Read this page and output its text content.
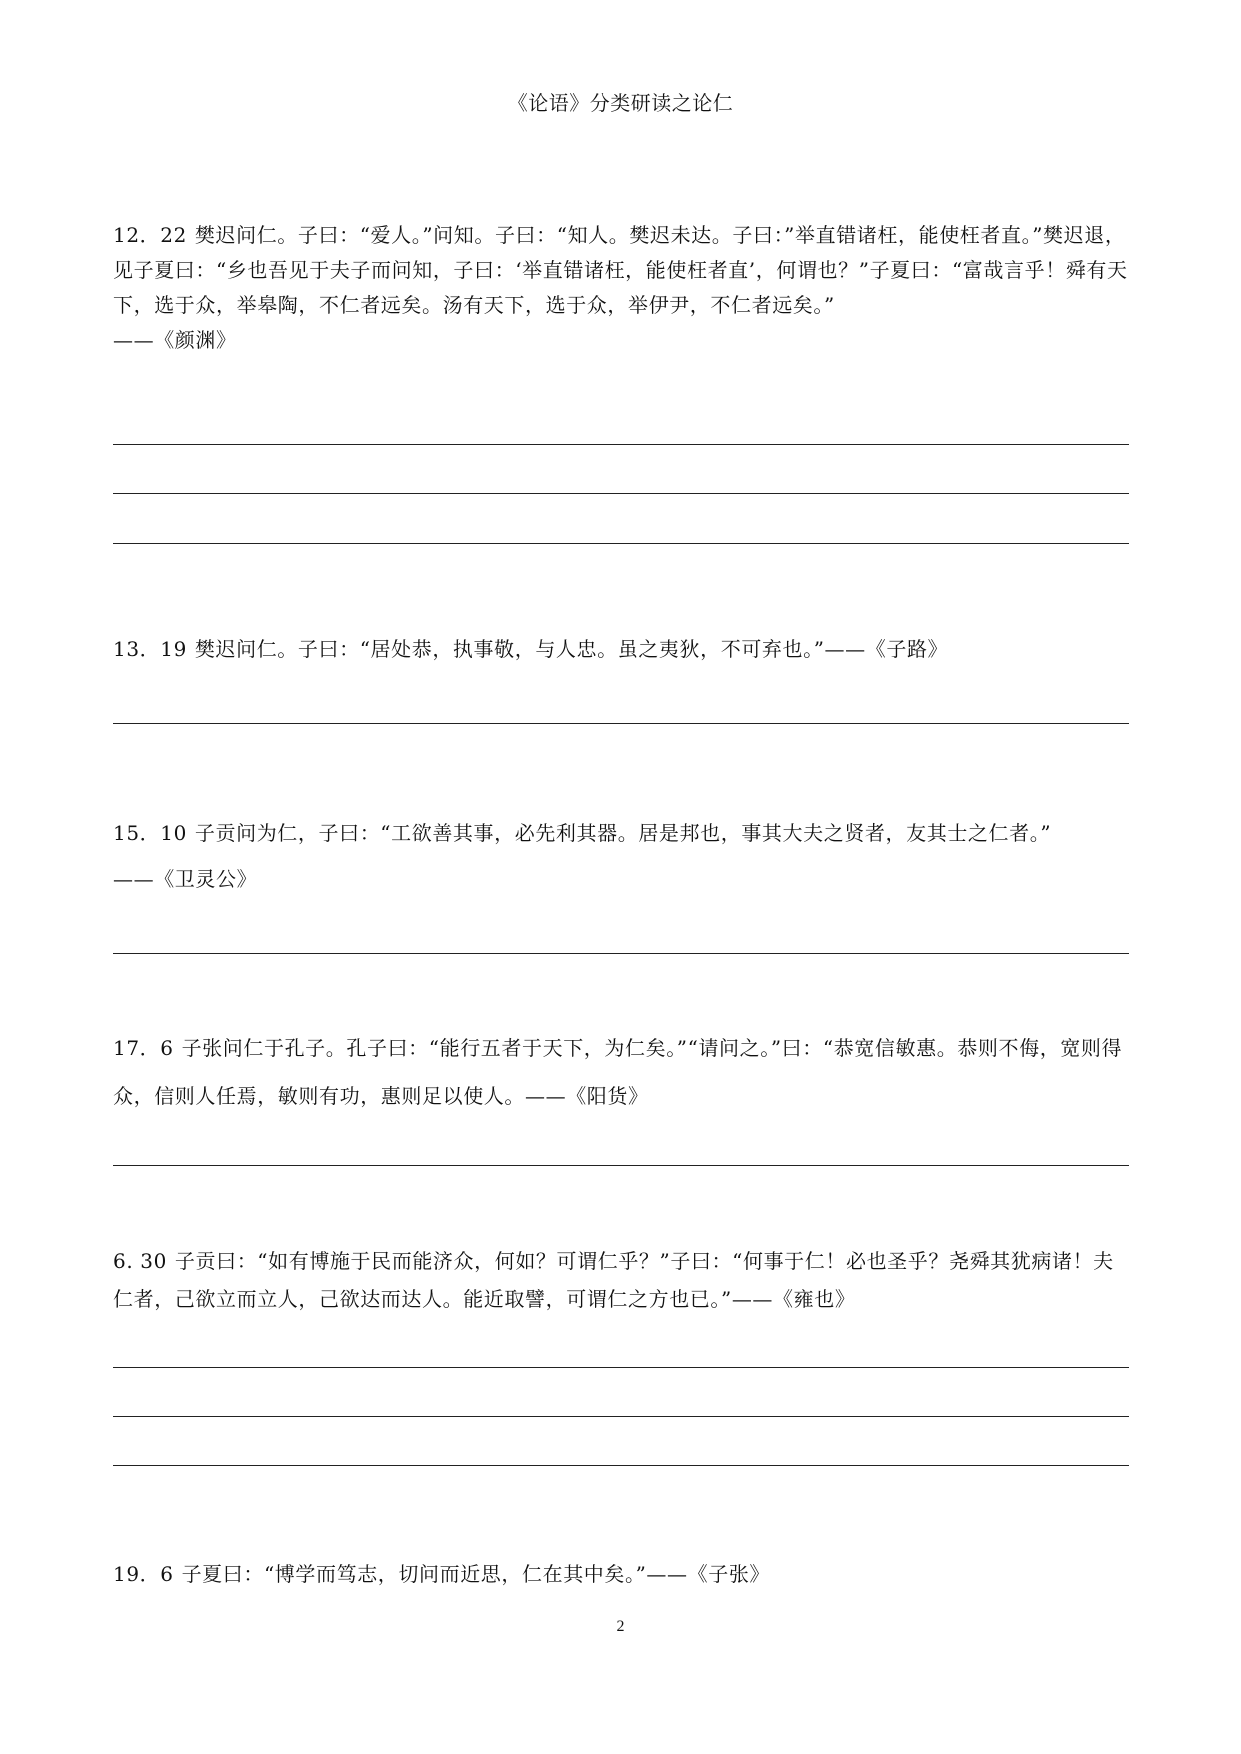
《论语》分类研读之论仁

12．22 樊迟问仁。子曰：“爱人。”问知。子曰：“知人。樊迟未达。子曰：”举直错诸枉，能使枉者直。”樊迟退，见子夏曰：“乡也吾见于夫子而问知，子曰：‘举直错诸枉，能使枉者直’，何谓也？”子夏曰：“富哉言乎！舜有天下，选于众，举皋陶，不仁者远矣。汤有天下，选于众，举伊尹，不仁者远矣。”
——《颜渊》

13．19 樊迟问仁。子曰：“居处恭，执事敬，与人忠。虽之夷狄，不可弃也。”——《子路》

15．10 子贡问为仁，子曰：“工欲善其事，必先利其器。居是邦也，事其大夫之贤者，友其士之仁者。”
——《卫灵公》

17．6 子张问仁于孔子。孔子曰：“能行五者于天下，为仁矣。”“请问之。”曰：“恭宽信敏惠。恭则不侮，宽则得众，信则人任焉，敏则有功，惠则足以使人。——《阳货》

6. 30 子贡曰：“如有博施于民而能济众，何如？可谓仁乎？”子曰：“何事于仁！必也圣乎？尧舜其犹病诸！夫仁者，己欲立而立人，己欲达而达人。能近取譬，可谓仁之方也已。”——《雍也》

19．6 子夏曰：“博学而笃志，切问而近思，仁在其中矣。”——《子张》

2
